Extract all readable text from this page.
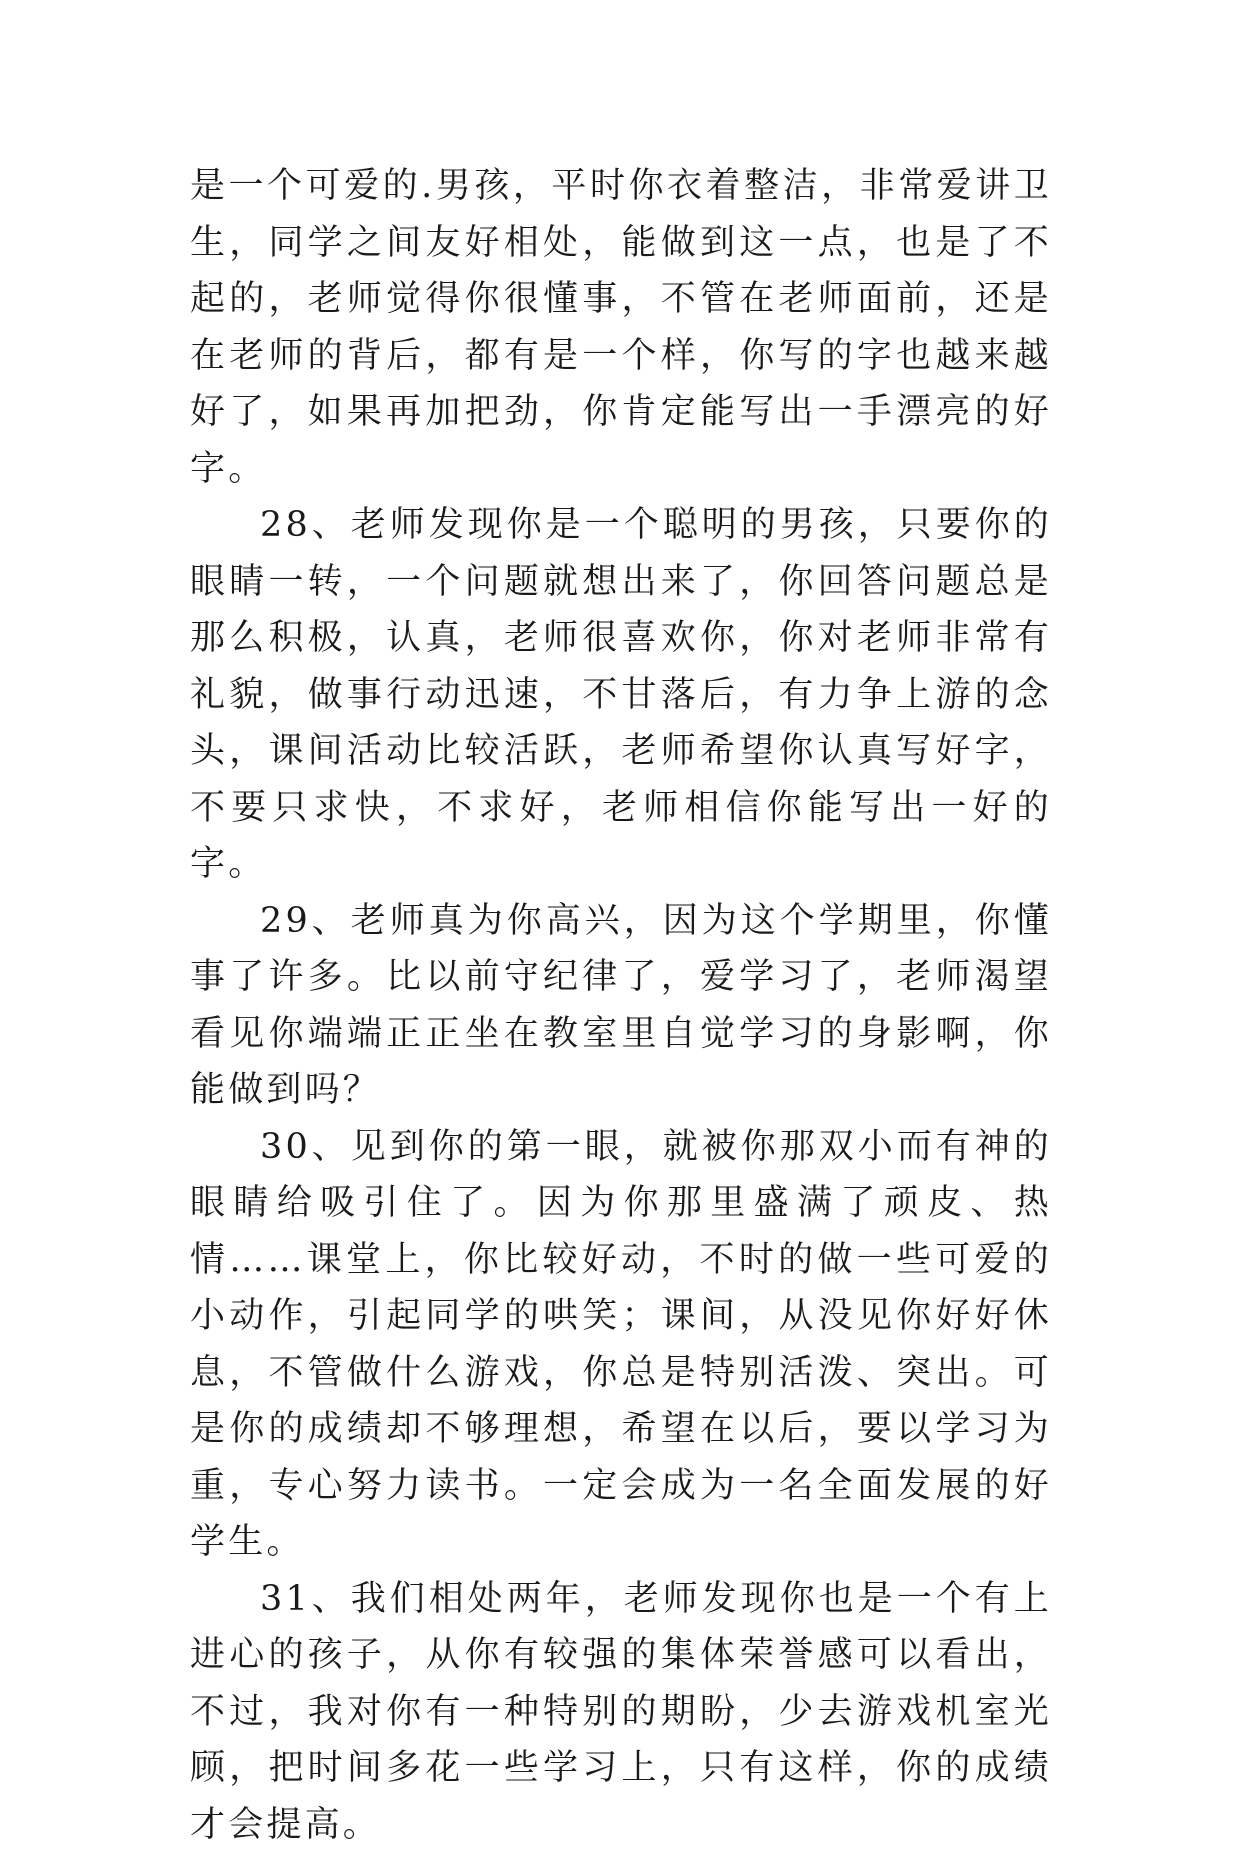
是一个可爱的.男孩，平时你衣着整洁，非常爱讲卫生，同学之间友好相处，能做到这一点，也是了不起的，老师觉得你很懂事，不管在老师面前，还是在老师的背后，都有是一个样，你写的字也越来越好了，如果再加把劲，你肯定能写出一手漂亮的好字。

28、老师发现你是一个聪明的男孩，只要你的眼睛一转，一个问题就想出来了，你回答问题总是那么积极，认真，老师很喜欢你，你对老师非常有礼貌，做事行动迅速，不甘落后，有力争上游的念头，课间活动比较活跃，老师希望你认真写好字，不要只求快，不求好，老师相信你能写出一好的字。

29、老师真为你高兴，因为这个学期里，你懂事了许多。比以前守纪律了，爱学习了，老师渴望看见你端端正正坐在教室里自觉学习的身影啊，你能做到吗？

30、见到你的第一眼，就被你那双小而有神的眼睛给吸引住了。因为你那里盛满了顽皮、热情……课堂上，你比较好动，不时的做一些可爱的小动作，引起同学的哄笑；课间，从没见你好好休息，不管做什么游戏，你总是特别活泼、突出。可是你的成绩却不够理想，希望在以后，要以学习为重，专心努力读书。一定会成为一名全面发展的好学生。

31、我们相处两年，老师发现你也是一个有上进心的孩子，从你有较强的集体荣誉感可以看出，不过，我对你有一种特别的期盼，少去游戏机室光顾，把时间多花一些学习上，只有这样，你的成绩才会提高。
